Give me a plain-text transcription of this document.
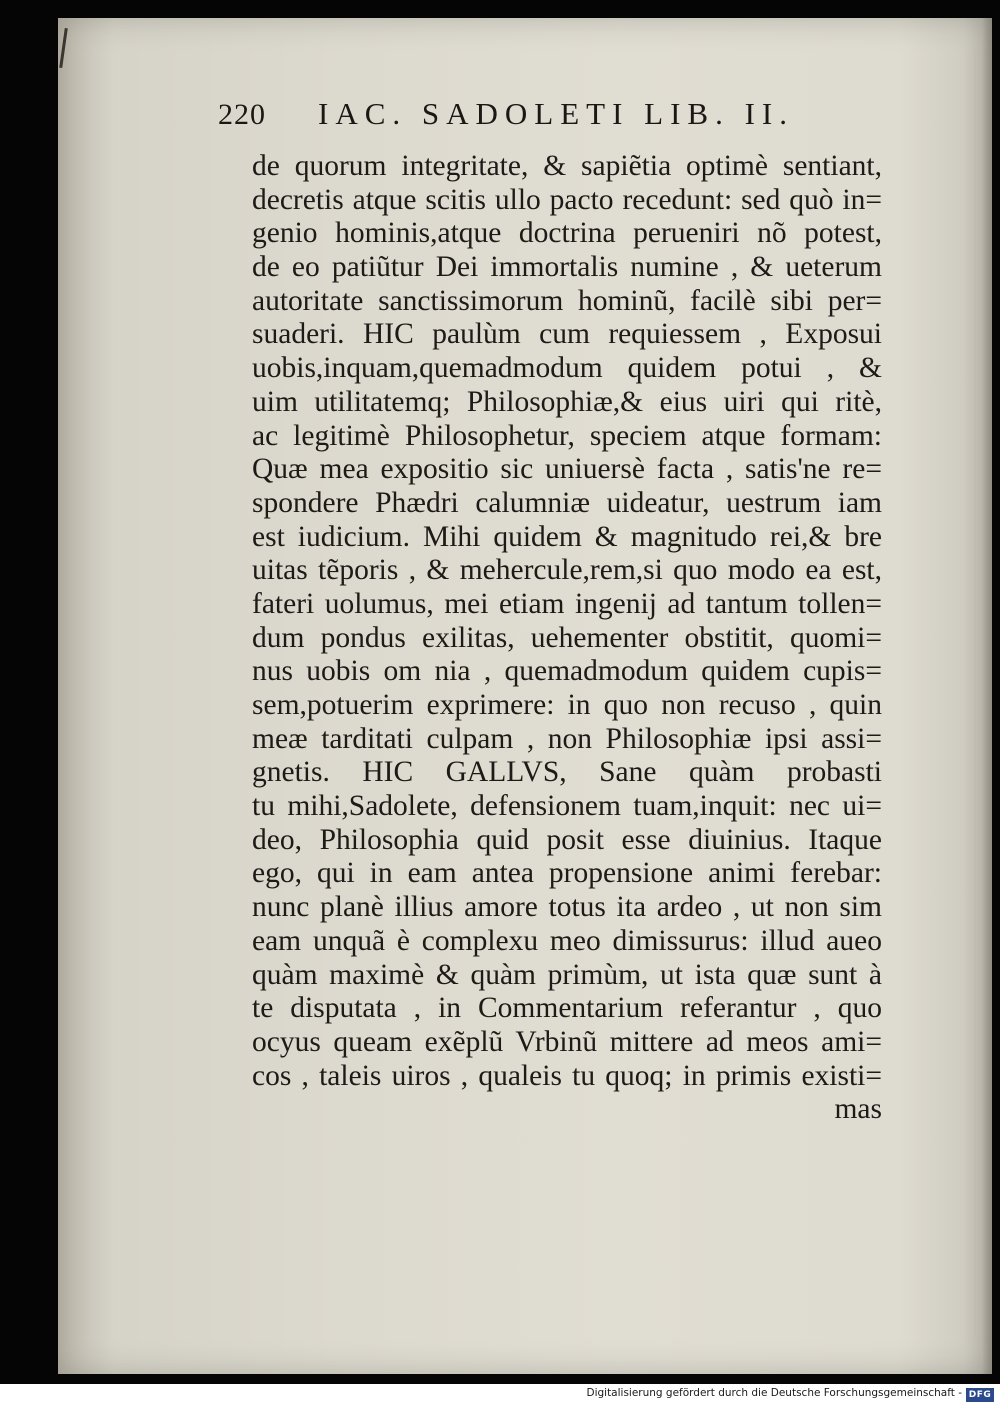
220 IAC. SADOLETI LIB. II.
de quorum integritate, & sapiẽtia optimè sentiant,
decretis atque scitis ullo pacto recedunt: sed quò in=
genio hominis,atque doctrina perueniri nõ potest,
de eo patiũtur Dei immortalis numine , & ueterum
autoritate sanctissimorum hominũ, facilè sibi per=
suaderi. HIC paulùm cum requiessem , Exposui
uobis,inquam,quemadmodum quidem potui , &
uim utilitatemq; Philosophiæ,& eius uiri qui ritè,
ac legitimè Philosophetur, speciem atque formam:
Quæ mea expositio sic uniuersè facta , satis'ne re=
spondere Phædri calumniæ uideatur, uestrum iam
est iudicium. Mihi quidem & magnitudo rei,& bre
uitas tẽporis , & mehercule,rem,si quo modo ea est,
fateri uolumus, mei etiam ingenij ad tantum tollen=
dum pondus exilitas, uehementer obstitit, quomi=
nus uobis om nia , quemadmodum quidem cupis=
sem,potuerim exprimere: in quo non recuso , quin
meæ tarditati culpam , non Philosophiæ ipsi assi=
gnetis. HIC GALLVS, Sane quàm probasti
tu mihi,Sadolete, defensionem tuam,inquit: nec ui=
deo, Philosophia quid posit esse diuinius. Itaque
ego, qui in eam antea propensione animi ferebar:
nunc planè illius amore totus ita ardeo , ut non sim
eam unquã è complexu meo dimissurus: illud aueo
quàm maximè & quàm primùm, ut ista quæ sunt à
te disputata , in Commentarium referantur , quo
ocyus queam exẽplũ Vrbinũ mittere ad meos ami=
cos , taleis uiros , qualeis tu quoq; in primis existi=
mas
Digitalisierung gefördert durch die Deutsche Forschungsgemeinschaft - DFG
